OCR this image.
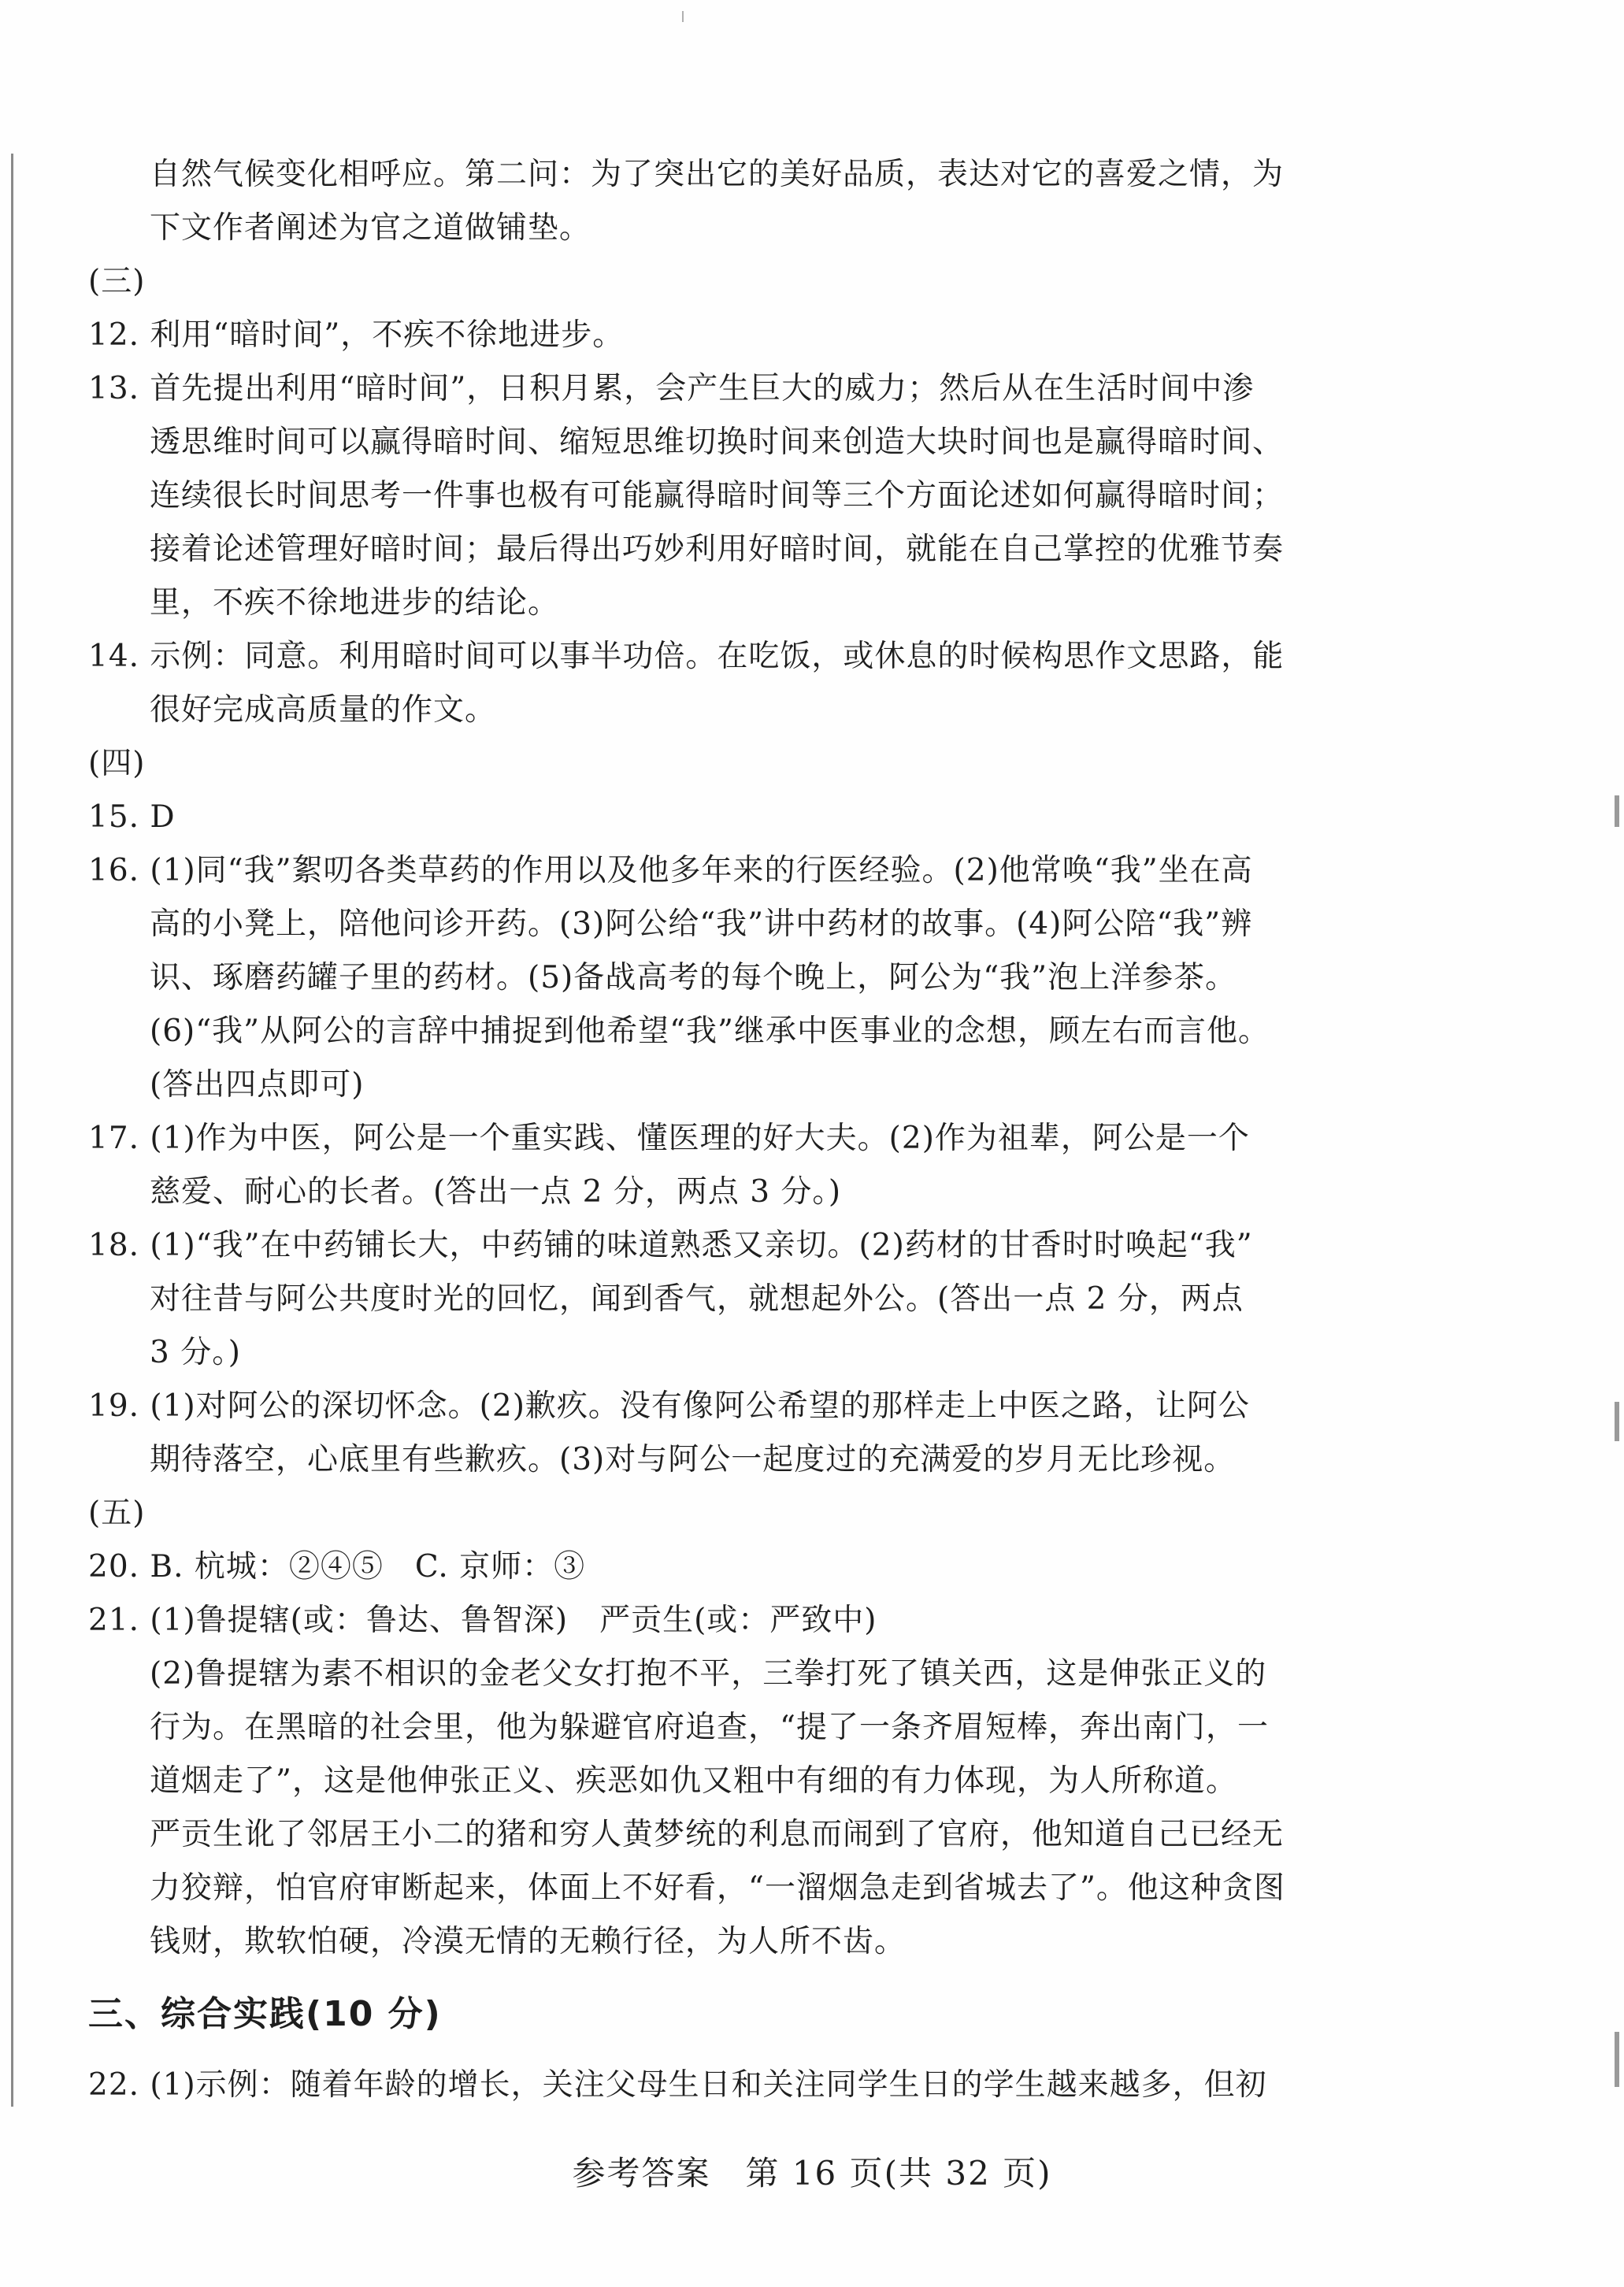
自然气候变化相呼应。第二问：为了突出它的美好品质，表达对它的喜爱之情，为
下文作者阐述为官之道做铺垫。
(三)
12. 利用“暗时间”，不疾不徐地进步。
13. 首先提出利用“暗时间”，日积月累，会产生巨大的威力；然后从在生活时间中渗
透思维时间可以赢得暗时间、缩短思维切换时间来创造大块时间也是赢得暗时间、
连续很长时间思考一件事也极有可能赢得暗时间等三个方面论述如何赢得暗时间；
接着论述管理好暗时间；最后得出巧妙利用好暗时间，就能在自己掌控的优雅节奏
里，不疾不徐地进步的结论。
14. 示例：同意。利用暗时间可以事半功倍。在吃饭，或休息的时候构思作文思路，能
很好完成高质量的作文。
(四)
15. D
16. (1)同“我”絮叨各类草药的作用以及他多年来的行医经验。(2)他常唤“我”坐在高
高的小凳上，陪他问诊开药。(3)阿公给“我”讲中药材的故事。(4)阿公陪“我”辨
识、琢磨药罐子里的药材。(5)备战高考的每个晚上，阿公为“我”泡上洋参茶。
(6)“我”从阿公的言辞中捕捉到他希望“我”继承中医事业的念想，顾左右而言他。
(答出四点即可)
17. (1)作为中医，阿公是一个重实践、懂医理的好大夫。(2)作为祖辈，阿公是一个
慈爱、耐心的长者。(答出一点 2 分，两点 3 分。)
18. (1)“我”在中药铺长大，中药铺的味道熟悉又亲切。(2)药材的甘香时时唤起“我”
对往昔与阿公共度时光的回忆，闻到香气，就想起外公。(答出一点 2 分，两点
3 分。)
19. (1)对阿公的深切怀念。(2)歉疚。没有像阿公希望的那样走上中医之路，让阿公
期待落空，心底里有些歉疚。(3)对与阿公一起度过的充满爱的岁月无比珍视。
(五)
20. B. 杭城：②④⑤　C. 京师：③
21. (1)鲁提辖(或：鲁达、鲁智深)　严贡生(或：严致中)
(2)鲁提辖为素不相识的金老父女打抱不平，三拳打死了镇关西，这是伸张正义的
行为。在黑暗的社会里，他为躲避官府追查，“提了一条齐眉短棒，奔出南门，一
道烟走了”，这是他伸张正义、疾恶如仇又粗中有细的有力体现，为人所称道。
严贡生讹了邻居王小二的猪和穷人黄梦统的利息而闹到了官府，他知道自己已经无
力狡辩，怕官府审断起来，体面上不好看，“一溜烟急走到省城去了”。他这种贪图
钱财，欺软怕硬，冷漠无情的无赖行径，为人所不齿。
三、综合实践(10 分)
22. (1)示例：随着年龄的增长，关注父母生日和关注同学生日的学生越来越多，但初
参考答案　第 16 页(共 32 页)
